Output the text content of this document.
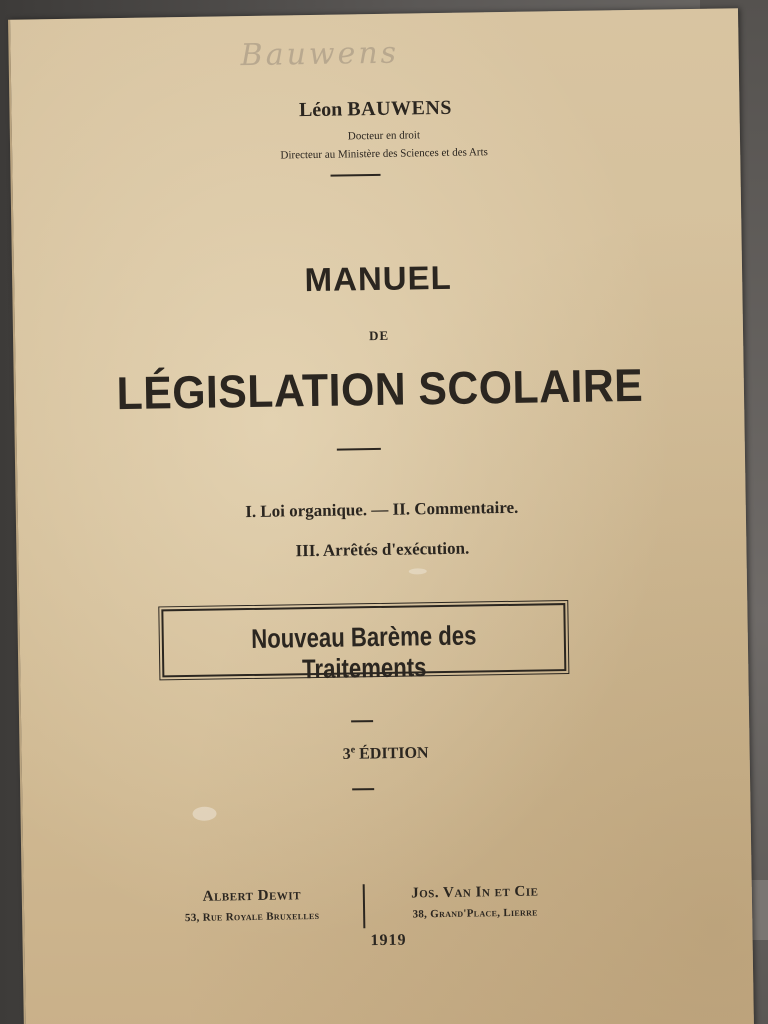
Bauwens
Léon BAUWENS
Docteur en droit
Directeur au Ministère des Sciences et des Arts
MANUEL
DE
LÉGISLATION SCOLAIRE
I. Loi organique. — II. Commentaire.
III. Arrêtés d'exécution.
Nouveau Barème des Traitements
3e ÉDITION
Albert Dewit
53, Rue Royale Bruxelles
Jos. Van In et Cie
38, Grand'Place, Lierre
1919
